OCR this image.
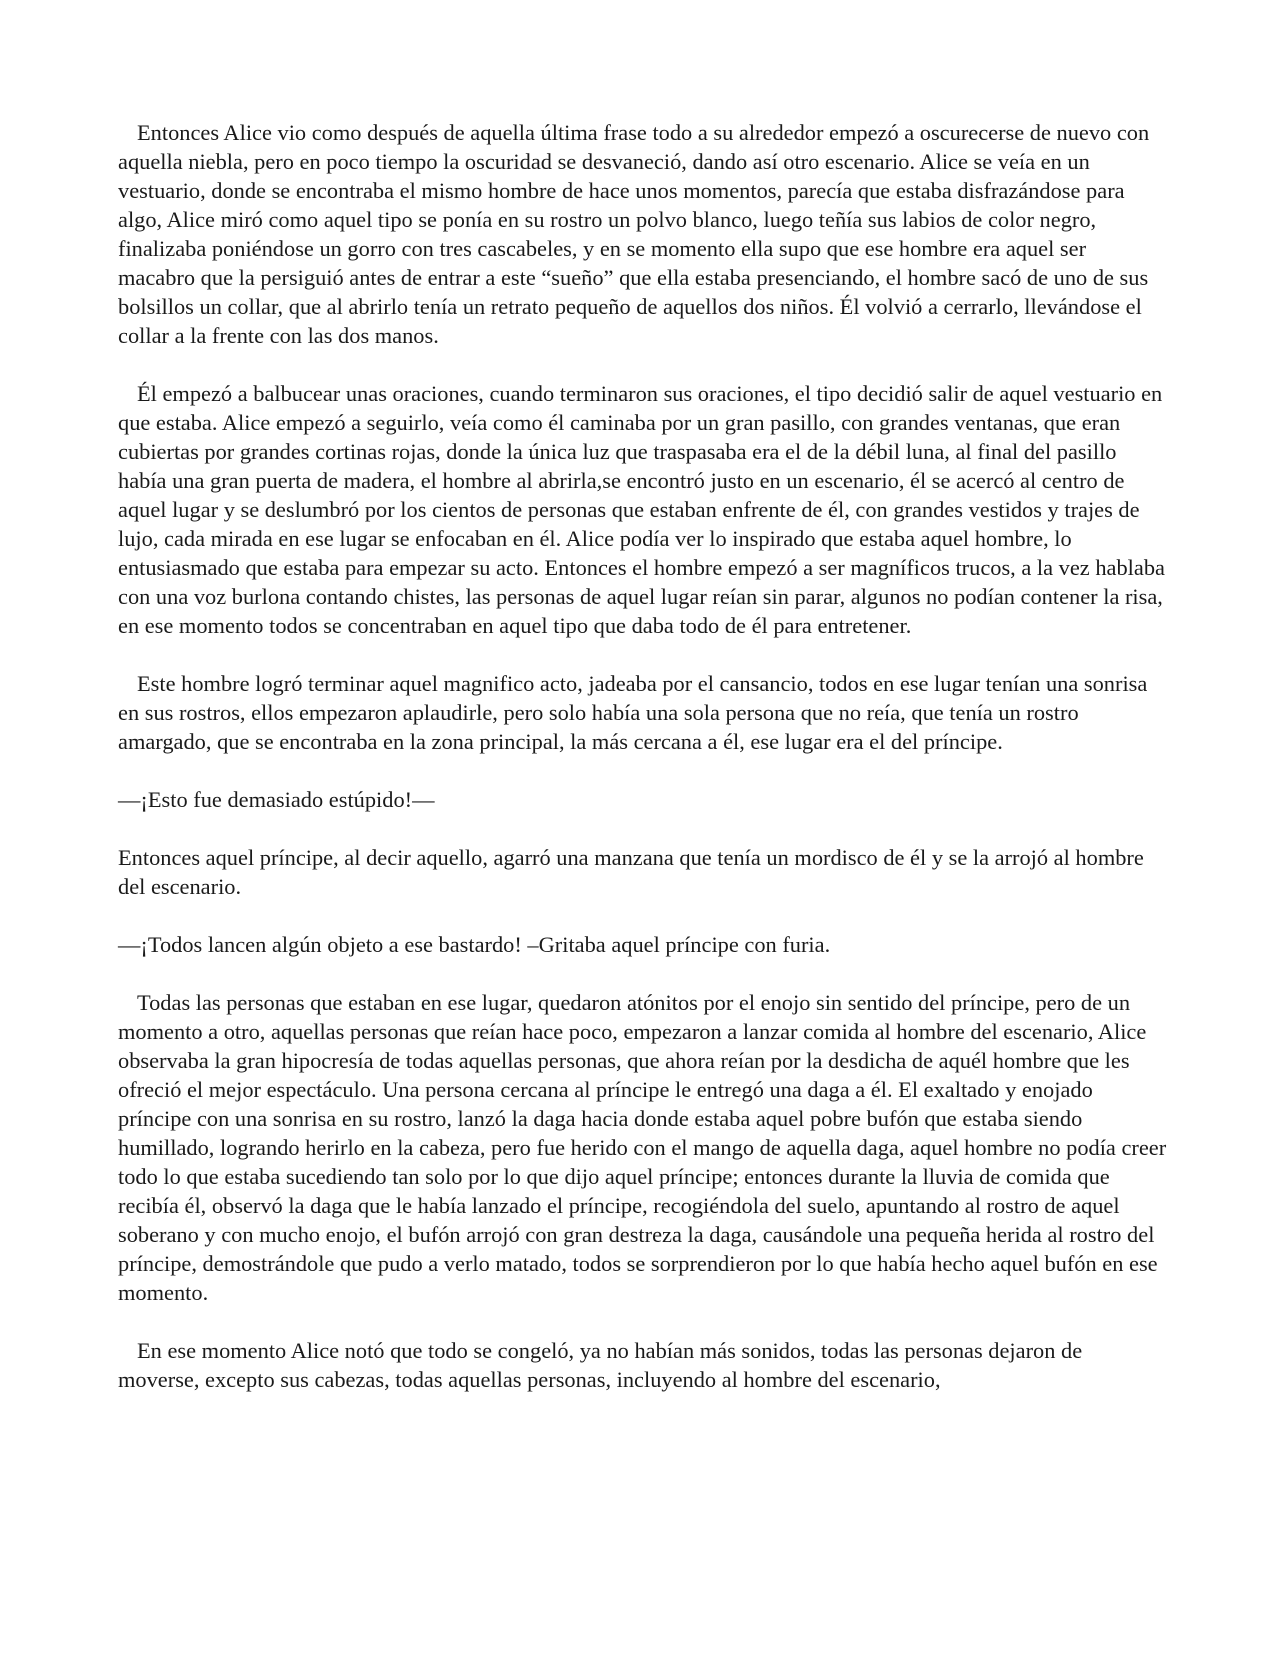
Entonces Alice vio como después de aquella última frase todo a su alrededor empezó a oscurecerse de nuevo con aquella niebla, pero en poco tiempo la oscuridad se desvaneció, dando así otro escenario. Alice se veía en un vestuario, donde se encontraba el mismo hombre de hace unos momentos, parecía que estaba disfrazándose para algo, Alice miró como aquel tipo se ponía en su rostro un polvo blanco, luego teñía sus labios de color negro, finalizaba poniéndose un gorro con tres cascabeles, y en se momento ella supo que ese hombre era aquel ser macabro que la persiguió antes de entrar a este “sueño” que ella estaba presenciando, el hombre sacó de uno de sus bolsillos un collar, que al abrirlo tenía un retrato pequeño de aquellos dos niños. Él volvió a cerrarlo, llevándose el collar a la frente con las dos manos.

Él empezó a balbucear unas oraciones, cuando terminaron sus oraciones, el tipo decidió salir de aquel vestuario en que estaba. Alice empezó a seguirlo, veía como él caminaba por un gran pasillo, con grandes ventanas, que eran cubiertas por grandes cortinas rojas, donde la única luz que traspasaba era el de la débil luna, al final del pasillo había una gran puerta de madera, el hombre al abrirla,se encontró justo en un escenario, él se acercó al centro de aquel lugar y se deslumbró por los cientos de personas que estaban enfrente de él, con grandes vestidos y trajes de lujo, cada mirada en ese lugar se enfocaban en él. Alice podía ver lo inspirado que estaba aquel hombre, lo entusiasmado que estaba para empezar su acto. Entonces el hombre empezó a ser magníficos trucos, a la vez hablaba con una voz burlona contando chistes, las personas de aquel lugar reían sin parar, algunos no podían contener la risa, en ese momento todos se concentraban en aquel tipo que daba todo de él para entretener.

Este hombre logró terminar aquel magnifico acto, jadeaba por el cansancio, todos en ese lugar tenían una sonrisa en sus rostros, ellos empezaron aplaudirle, pero solo había una sola persona que no reía, que tenía un rostro amargado, que se encontraba en la zona principal, la más cercana a él, ese lugar era el del príncipe.

—¡Esto fue demasiado estúpido!—

Entonces aquel príncipe, al decir aquello, agarró una manzana que tenía un mordisco de él y se la arrojó al hombre del escenario.

—¡Todos lancen algún objeto a ese bastardo! –Gritaba aquel príncipe con furia.

Todas las personas que estaban en ese lugar, quedaron atónitos por el enojo sin sentido del príncipe, pero de un momento a otro, aquellas personas que reían hace poco, empezaron a lanzar comida al hombre del escenario, Alice observaba la gran hipocresía de todas aquellas personas, que ahora reían por la desdicha de aquél hombre que les ofreció el mejor espectáculo. Una persona cercana al príncipe le entregó una daga a él. El exaltado y enojado príncipe con una sonrisa en su rostro, lanzó la daga hacia donde estaba aquel pobre bufón que estaba siendo humillado, logrando herirlo en la cabeza, pero fue herido con el mango de aquella daga, aquel hombre no podía creer todo lo que estaba sucediendo tan solo por lo que dijo aquel príncipe; entonces durante la lluvia de comida que recibía él, observó la daga que le había lanzado el príncipe, recogiéndola del suelo, apuntando al rostro de aquel soberano y con mucho enojo, el bufón arrojó con gran destreza la daga, causándole una pequeña herida al rostro del príncipe, demostrándole que pudo a verlo matado, todos se sorprendieron por lo que había hecho aquel bufón en ese momento.

En ese momento Alice notó que todo se congeló, ya no habían más sonidos, todas las personas dejaron de moverse, excepto sus cabezas, todas aquellas personas, incluyendo al hombre del escenario,
